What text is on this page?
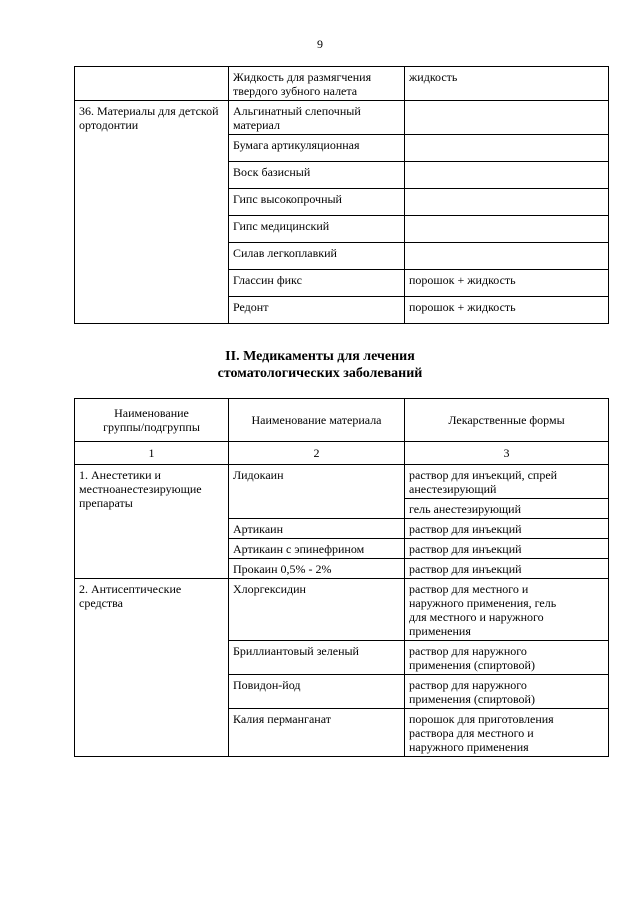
9
	Жидкость для размягчения
твердого зубного налета	жидкость
36. Материалы для детской ортодонтии	Альгинатный слепочный
материал	
	Бумага артикуляционная	
	Воск базисный	
	Гипс высокопрочный	
	Гипс медицинский	
	Силав легкоплавкий	
	Глассин фикс	порошок + жидкость
	Редонт	порошок + жидкость
II. Медикаменты для лечения
стоматологических заболеваний
Наименование
группы/подгруппы	Наименование материала	Лекарственные формы
1	2	3
1. Анестетики и
местноанестезирующие
препараты	Лидокаин	раствор для инъекций, спрей
анестезирующий
		гель анестезирующий
	Артикаин	раствор для инъекций
	Артикаин с эпинефрином	раствор для инъекций
	Прокаин 0,5% - 2%	раствор для инъекций
2. Антисептические
средства	Хлоргексидин	раствор для местного и
наружного применения, гель
для местного и наружного
применения
	Бриллиантовый зеленый	раствор для наружного
применения (спиртовой)
	Повидон-йод	раствор для наружного
применения (спиртовой)
	Калия перманганат	порошок для приготовления
раствора для местного и
наружного применения
